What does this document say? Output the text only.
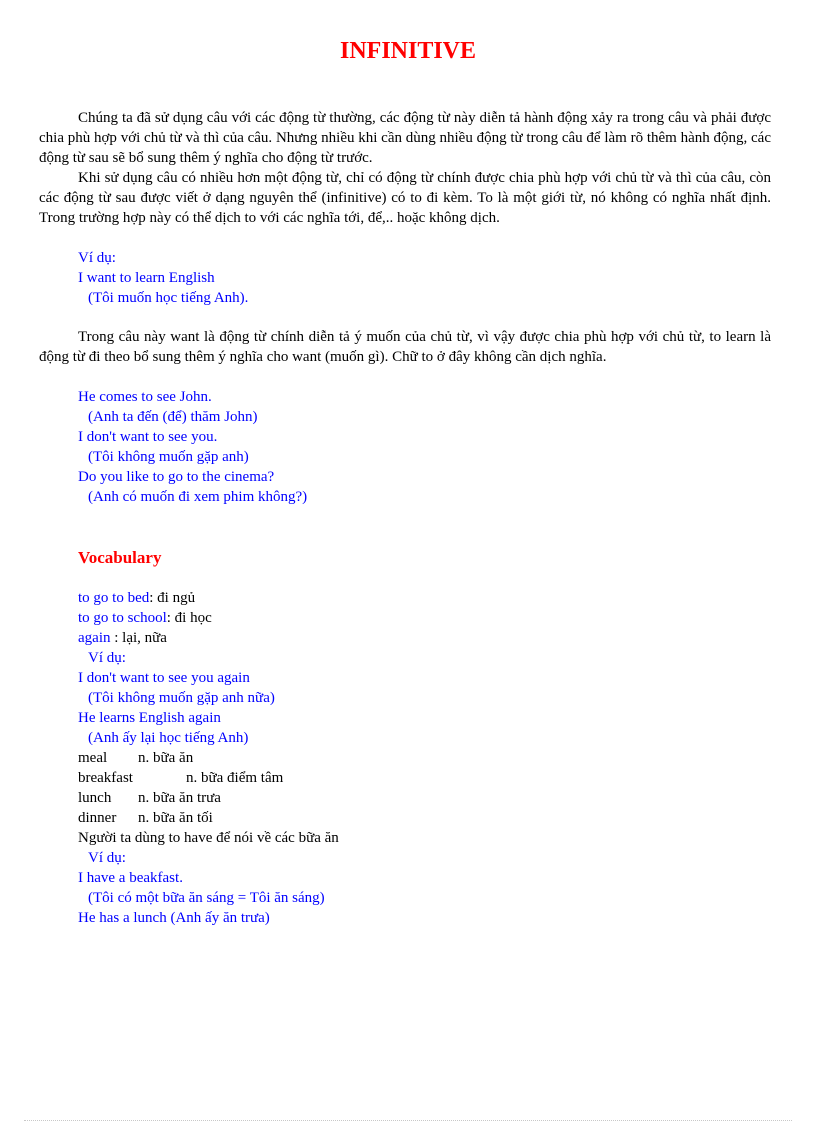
INFINITIVE

Chúng ta đã sử dụng câu với các động từ thường, các động từ này diễn tả hành động xảy ra trong câu và phải được chia phù hợp với chủ từ và thì của câu. Nhưng nhiều khi cần dùng nhiều động từ trong câu để làm rõ thêm hành động, các động từ sau sẽ bổ sung thêm ý nghĩa cho động từ trước.

Khi sử dụng câu có nhiều hơn một động từ, chỉ có động từ chính được chia phù hợp với chủ từ và thì của câu, còn các động từ sau được viết ở dạng nguyên thể (infinitive) có to đi kèm. To là một giới từ, nó không có nghĩa nhất định. Trong trường hợp này có thể dịch to với các nghĩa tới, để,.. hoặc không dịch.

Ví dụ:
I want to learn English
(Tôi muốn học tiếng Anh).

Trong câu này want là động từ chính diễn tả ý muốn của chủ từ, vì vậy được chia phù hợp với chủ từ, to learn là động từ đi theo bổ sung thêm ý nghĩa cho want (muốn gì). Chữ to ở đây không cần dịch nghĩa.

He comes to see John.
(Anh ta đến (để) thăm John)
I don't want to see you.
(Tôi không muốn gặp anh)
Do you like to go to the cinema?
(Anh có muốn đi xem phim không?)
Vocabulary
to go to bed: đi ngủ
to go to school: đi học
again : lại, nữa
Ví dụ:
I don't want to see you again
(Tôi không muốn gặp anh nữa)
He learns English again
(Anh ấy lại học tiếng Anh)
meal n. bữa ăn
breakfast	n. bữa điểm tâm
lunch n. bữa ăn trưa
dinner n. bữa ăn tối
Người ta dùng to have để nói về các bữa ăn
Ví dụ:
I have a beakfast.
(Tôi có một bữa ăn sáng = Tôi ăn sáng)
He has a lunch (Anh ấy ăn trưa)
